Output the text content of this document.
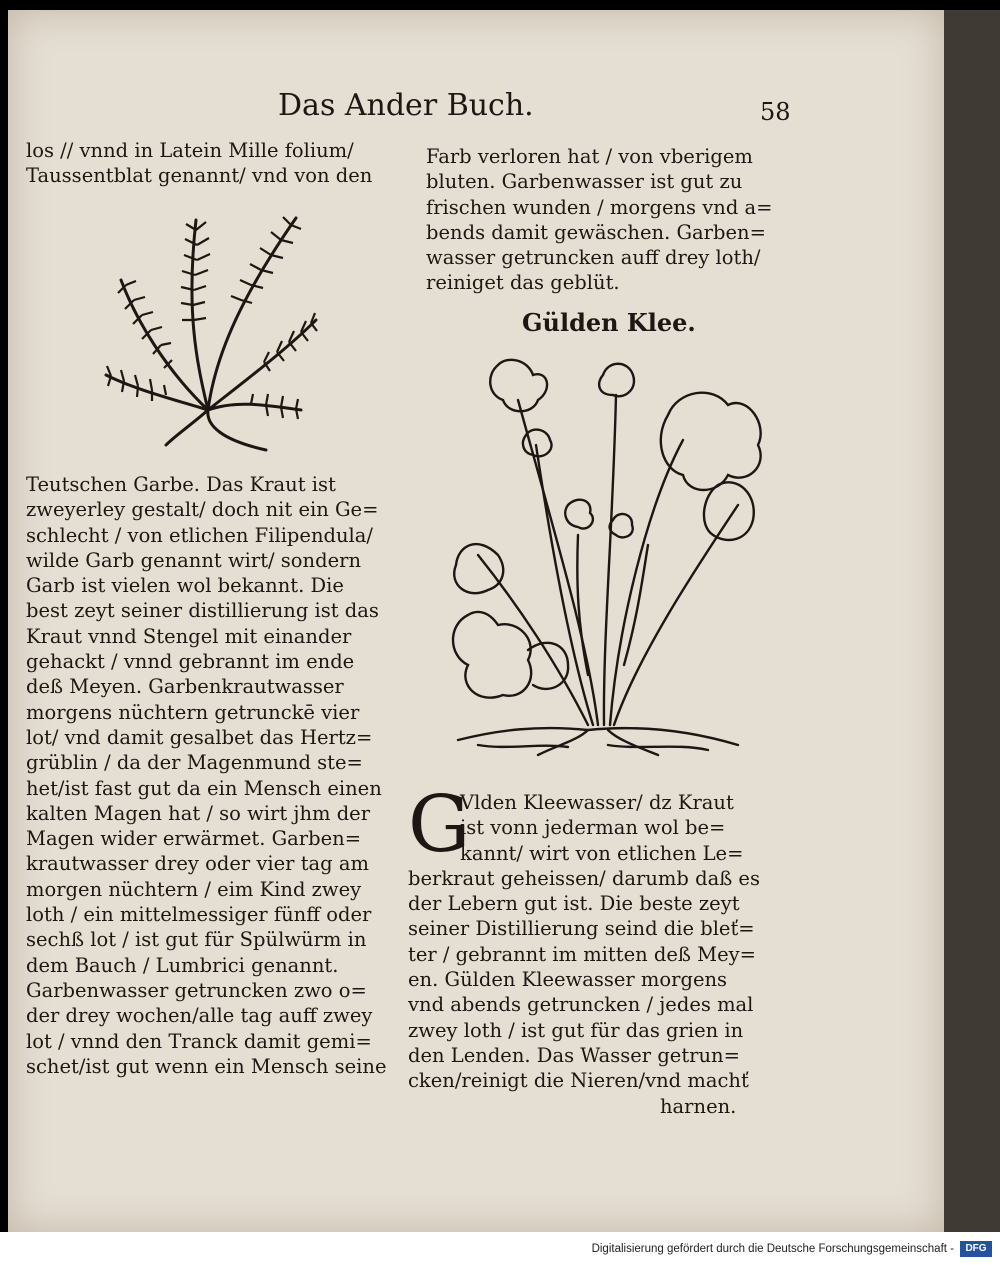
Das Ander Buch.	58
los // vnnd in Latein Mille folium/
Taussentblat genannt/ vnd von den
Farb verloren hat / von vberigem
bluten. Garbenwasser ist gut zu
frischen wunden / morgens vnd a=
bends damit gewäschen. Garben=
wasser getruncken auff drey loth/
reiniget das geblüt.
Gülden Klee.
Teutschen Garbe. Das Kraut ist
zweyerley gestalt/ doch nit ein Ge=
schlecht / von etlichen Filipendula/
wilde Garb genannt wirt/ sondern
Garb ist vielen wol bekannt. Die
best zeyt seiner distillierung ist das
Kraut vnnd Stengel mit einander
gehackt / vnnd gebrannt im ende
deß Meyen. Garbenkrautwasser
morgens nüchtern getrunckē vier
lot/ vnd damit gesalbet das Hertz=
grüblin / da der Magenmund ste=
het/ist fast gut da ein Mensch einen
kalten Magen hat / so wirt jhm der
Magen wider erwärmet. Garben=
krautwasser drey oder vier tag am
morgen nüchtern / eim Kind zwey
loth / ein mittelmessiger fünff oder
sechß lot / ist gut für Spülwürm in
dem Bauch / Lumbrici genannt.
Garbenwasser getruncken zwo o=
der drey wochen/alle tag auff zwey
lot / vnnd den Tranck damit gemi=
schet/ist gut wenn ein Mensch seine
G
Vlden Kleewasser/ dz Kraut
ist vonn jederman wol be=
kannt/ wirt von etlichen Le=
berkraut geheissen/ darumb daß es
der Lebern gut ist. Die beste zeyt
seiner Distillierung seind die bleť=
ter / gebrannt im mitten deß Mey=
en. Gülden Kleewasser morgens
vnd abends getruncken / jedes mal
zwey loth / ist gut für das grien in
den Lenden. Das Wasser getrun=
cken/reinigt die Nieren/vnd machť
harnen.
Digitalisierung gefördert durch die Deutsche Forschungsgemeinschaft -	DFG
